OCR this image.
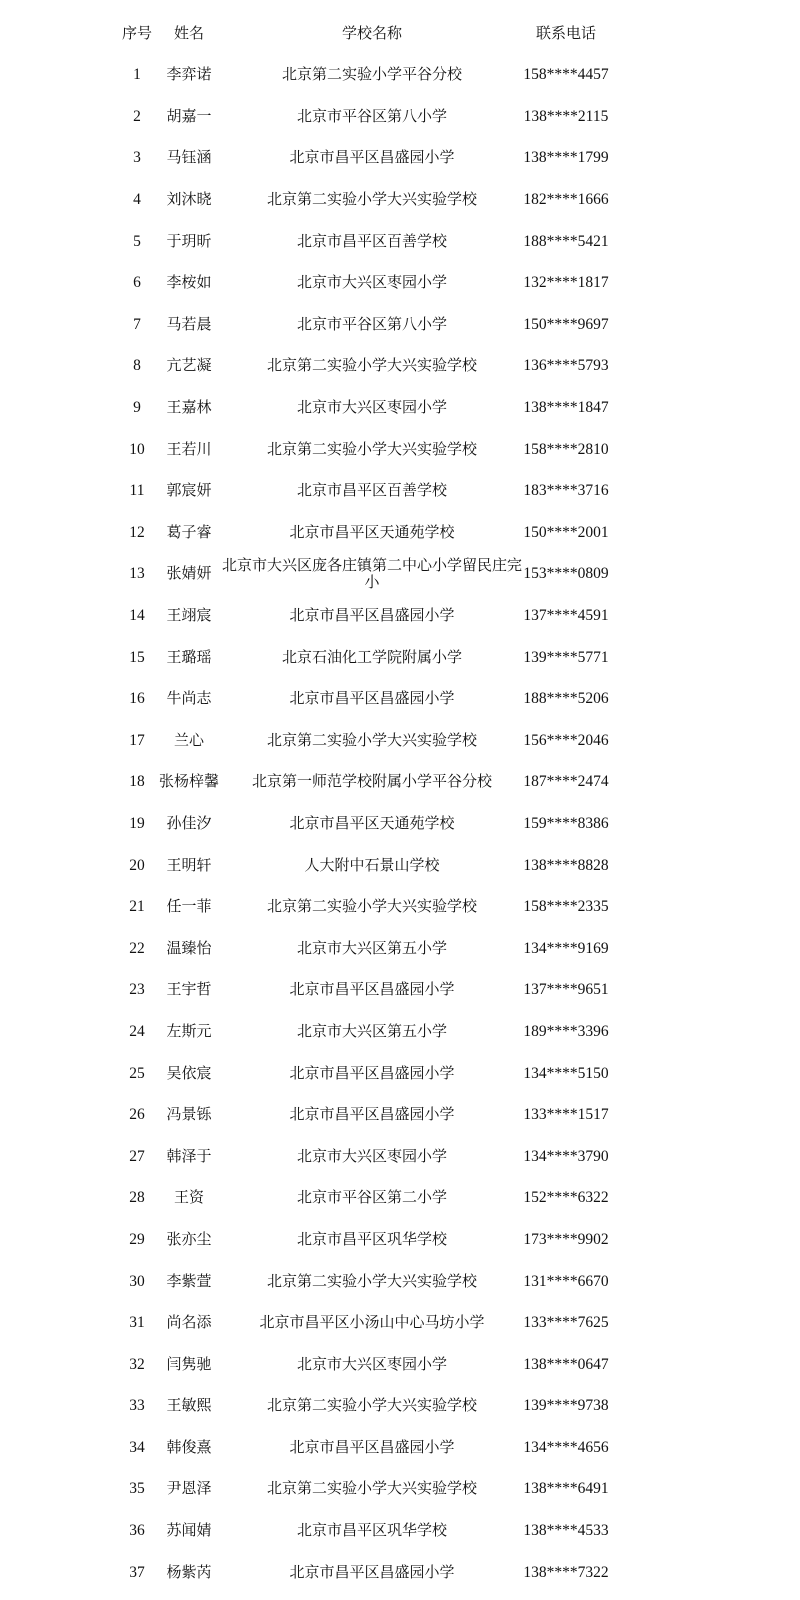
序号	姓名	学校名称	联系电话
1	李弈诺	北京第二实验小学平谷分校	158****4457
2	胡嘉一	北京市平谷区第八小学	138****2115
3	马钰涵	北京市昌平区昌盛园小学	138****1799
4	刘沐晓	北京第二实验小学大兴实验学校	182****1666
5	于玥昕	北京市昌平区百善学校	188****5421
6	李桉如	北京市大兴区枣园小学	132****1817
7	马若晨	北京市平谷区第八小学	150****9697
8	亢艺凝	北京第二实验小学大兴实验学校	136****5793
9	王嘉林	北京市大兴区枣园小学	138****1847
10	王若川	北京第二实验小学大兴实验学校	158****2810
11	郭宸妍	北京市昌平区百善学校	183****3716
12	葛子睿	北京市昌平区天通苑学校	150****2001
13	张婧妍 北京市大兴区庞各庄镇第二中心小学留民庄完小	153****0809
14	王翊宸	北京市昌平区昌盛园小学	137****4591
15	王璐瑶	北京石油化工学院附属小学	139****5771
16	牛尚志	北京市昌平区昌盛园小学	188****5206
17	兰心	北京第二实验小学大兴实验学校	156****2046
18 张杨梓馨	北京第一师范学校附属小学平谷分校	187****2474
19	孙佳汐	北京市昌平区天通苑学校	159****8386
20	王明轩	人大附中石景山学校	138****8828
21	任一菲	北京第二实验小学大兴实验学校	158****2335
22	温臻怡	北京市大兴区第五小学	134****9169
23	王宇哲	北京市昌平区昌盛园小学	137****9651
24	左斯元	北京市大兴区第五小学	189****3396
25	吴依宸	北京市昌平区昌盛园小学	134****5150
26	冯景铄	北京市昌平区昌盛园小学	133****1517
27	韩泽于	北京市大兴区枣园小学	134****3790
28	王资	北京市平谷区第二小学	152****6322
29	张亦尘	北京市昌平区巩华学校	173****9902
30	李紫萱	北京第二实验小学大兴实验学校	131****6670
31	尚名添	北京市昌平区小汤山中心马坊小学	133****7625
32	闫隽驰	北京市大兴区枣园小学	138****0647
33	王敏熙	北京第二实验小学大兴实验学校	139****9738
34	韩俊熹	北京市昌平区昌盛园小学	134****4656
35	尹恩泽	北京第二实验小学大兴实验学校	138****6491
36	苏闻婧	北京市昌平区巩华学校	138****4533
37	杨紫芮	北京市昌平区昌盛园小学	138****7322
